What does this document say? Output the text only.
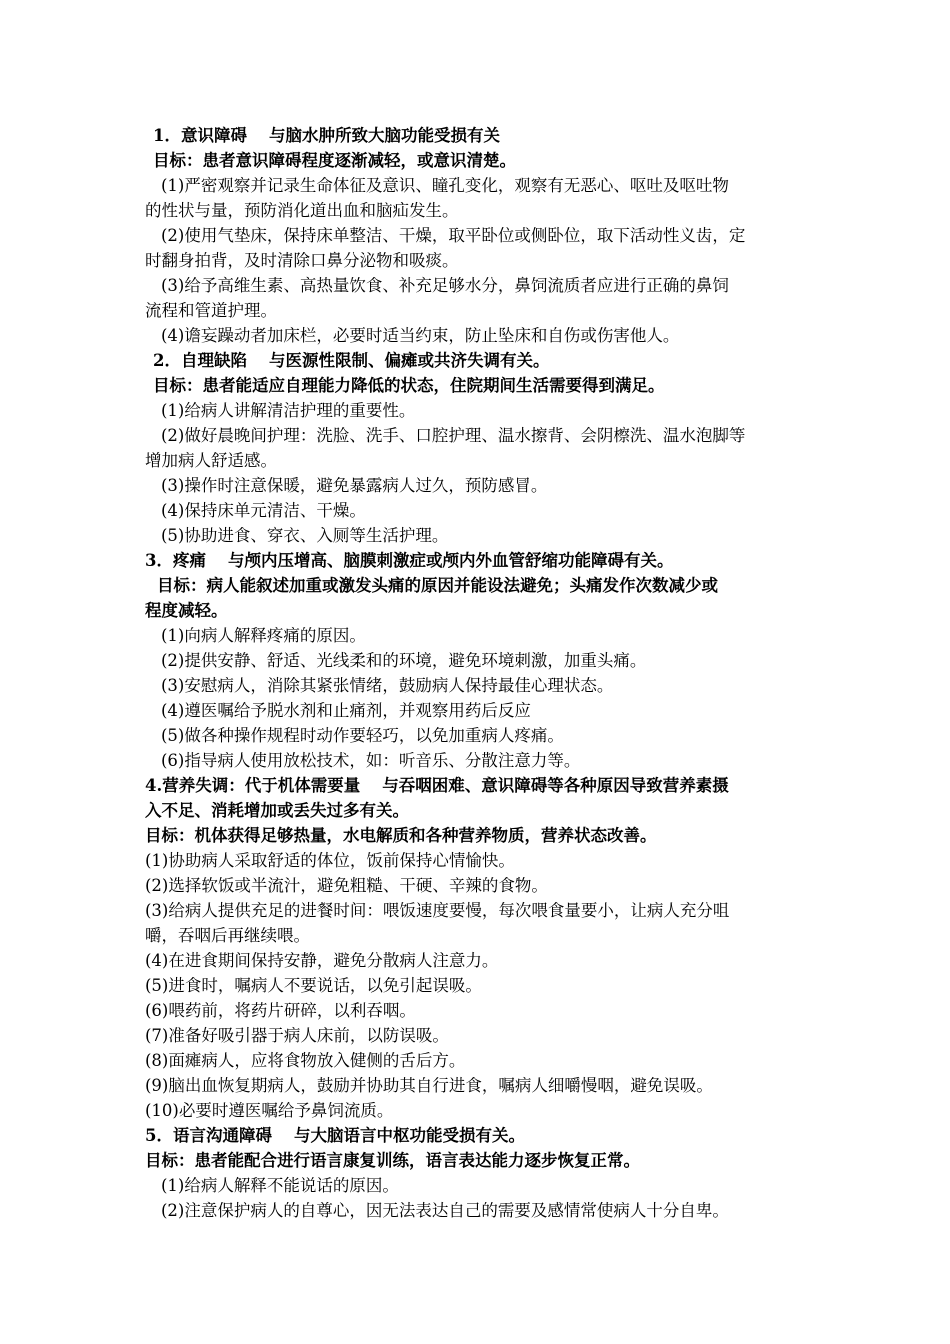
1．意识障碍 与脑水肿所致大脑功能受损有关
目标：患者意识障碍程度逐渐减轻，或意识清楚。
(1)严密观察并记录生命体征及意识、瞳孔变化，观察有无恶心、呕吐及呕吐物
的性状与量，预防消化道出血和脑疝发生。
(2)使用气垫床，保持床单整洁、干燥，取平卧位或侧卧位，取下活动性义齿，定
时翻身拍背，及时清除口鼻分泌物和吸痰。
(3)给予高维生素、高热量饮食、补充足够水分，鼻饲流质者应进行正确的鼻饲
流程和管道护理。
(4)谵妄躁动者加床栏，必要时适当约束，防止坠床和自伤或伤害他人。
2．自理缺陷 与医源性限制、偏瘫或共济失调有关。
目标：患者能适应自理能力降低的状态，住院期间生活需要得到满足。
(1)给病人讲解清洁护理的重要性。
(2)做好晨晚间护理：洗脸、洗手、口腔护理、温水擦背、会阴檫洗、温水泡脚等
增加病人舒适感。
(3)操作时注意保暖，避免暴露病人过久，预防感冒。
(4)保持床单元清洁、干燥。
(5)协助进食、穿衣、入厕等生活护理。
3．疼痛 与颅内压增高、脑膜刺激症或颅内外血管舒缩功能障碍有关。
目标：病人能叙述加重或激发头痛的原因并能设法避免；头痛发作次数减少或
程度减轻。
(1)向病人解释疼痛的原因。
(2)提供安静、舒适、光线柔和的环境，避免环境刺激，加重头痛。
(3)安慰病人，消除其紧张情绪，鼓励病人保持最佳心理状态。
(4)遵医嘱给予脱水剂和止痛剂，并观察用药后反应
(5)做各种操作规程时动作要轻巧，以免加重病人疼痛。
(6)指导病人使用放松技术，如：听音乐、分散注意力等。
4.营养失调：代于机体需要量 与吞咽困难、意识障碍等各种原因导致营养素摄
入不足、消耗增加或丢失过多有关。
目标：机体获得足够热量，水电解质和各种营养物质，营养状态改善。
(1)协助病人采取舒适的体位，饭前保持心情愉快。
(2)选择软饭或半流汁，避免粗糙、干硬、辛辣的食物。
(3)给病人提供充足的进餐时间：喂饭速度要慢，每次喂食量要小，让病人充分咀
嚼，吞咽后再继续喂。
(4)在进食期间保持安静，避免分散病人注意力。
(5)进食时，嘱病人不要说话，以免引起误吸。
(6)喂药前，将药片研碎，以利吞咽。
(7)准备好吸引器于病人床前，以防误吸。
(8)面瘫病人，应将食物放入健侧的舌后方。
(9)脑出血恢复期病人，鼓励并协助其自行进食，嘱病人细嚼慢咽，避免误吸。
(10)必要时遵医嘱给予鼻饲流质。
5．语言沟通障碍 与大脑语言中枢功能受损有关。
目标：患者能配合进行语言康复训练，语言表达能力逐步恢复正常。
(1)给病人解释不能说话的原因。
(2)注意保护病人的自尊心，因无法表达自己的需要及感情常使病人十分自卑。
